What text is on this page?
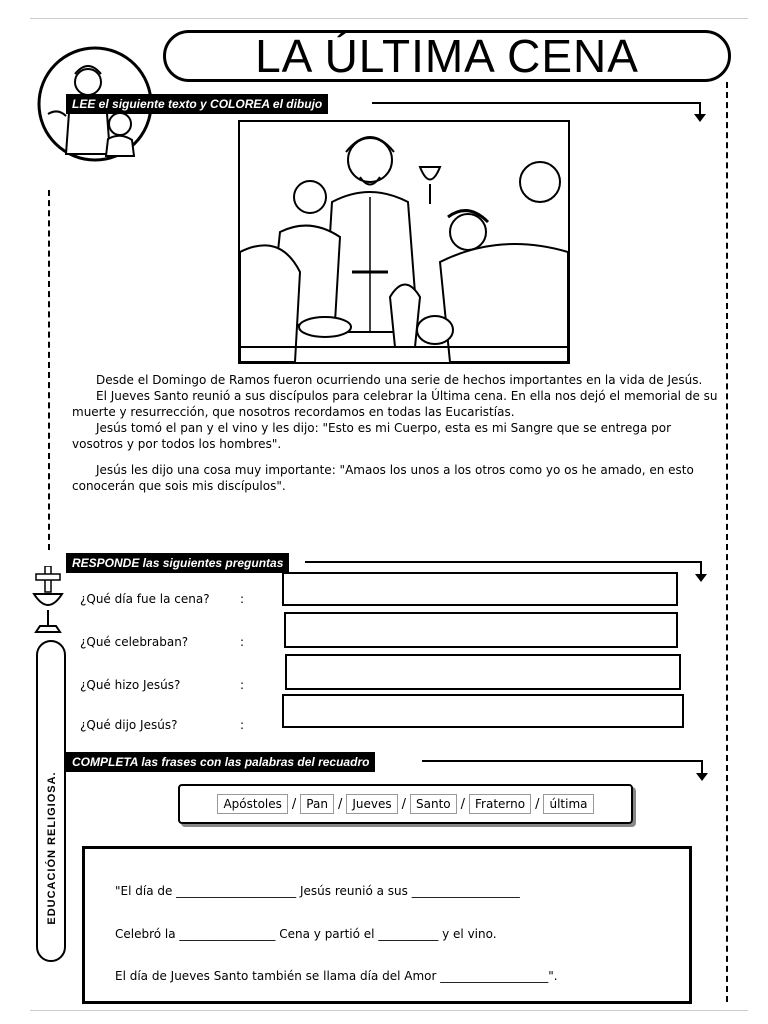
LA ÚLTIMA CENA
LEE el siguiente texto y COLOREA el dibujo

Desde el Domingo de Ramos fueron ocurriendo una serie de hechos importantes en la vida de Jesús.

El Jueves Santo reunió a sus discípulos para celebrar la Última cena. En ella nos dejó el memorial de su muerte y resurrección, que nosotros recordamos en todas las Eucaristías.

Jesús tomó el pan y el vino y les dijo: "Esto es mi Cuerpo, esta es mi Sangre que se entrega por vosotros y por todos los hombres".

Jesús les dijo una cosa muy importante: "Amaos los unos a los otros como yo os he amado, en esto conocerán que sois mis discípulos".

RESPONDE las siguientes preguntas
¿Qué día fue la cena?	:
¿Qué celebraban?	:
¿Qué hizo Jesús?	:
¿Qué dijo Jesús?	:
EDUCACIÓN RELIGIOSA.
COMPLETA las frases con las palabras del recuadro
Apóstoles / Pan / Jueves / Santo / Fraterno / última
"El día de ____________________ Jesús reunió a sus __________________
Celebró la ________________ Cena y partió el __________ y el vino.
El día de Jueves Santo también se llama día del Amor __________________".
